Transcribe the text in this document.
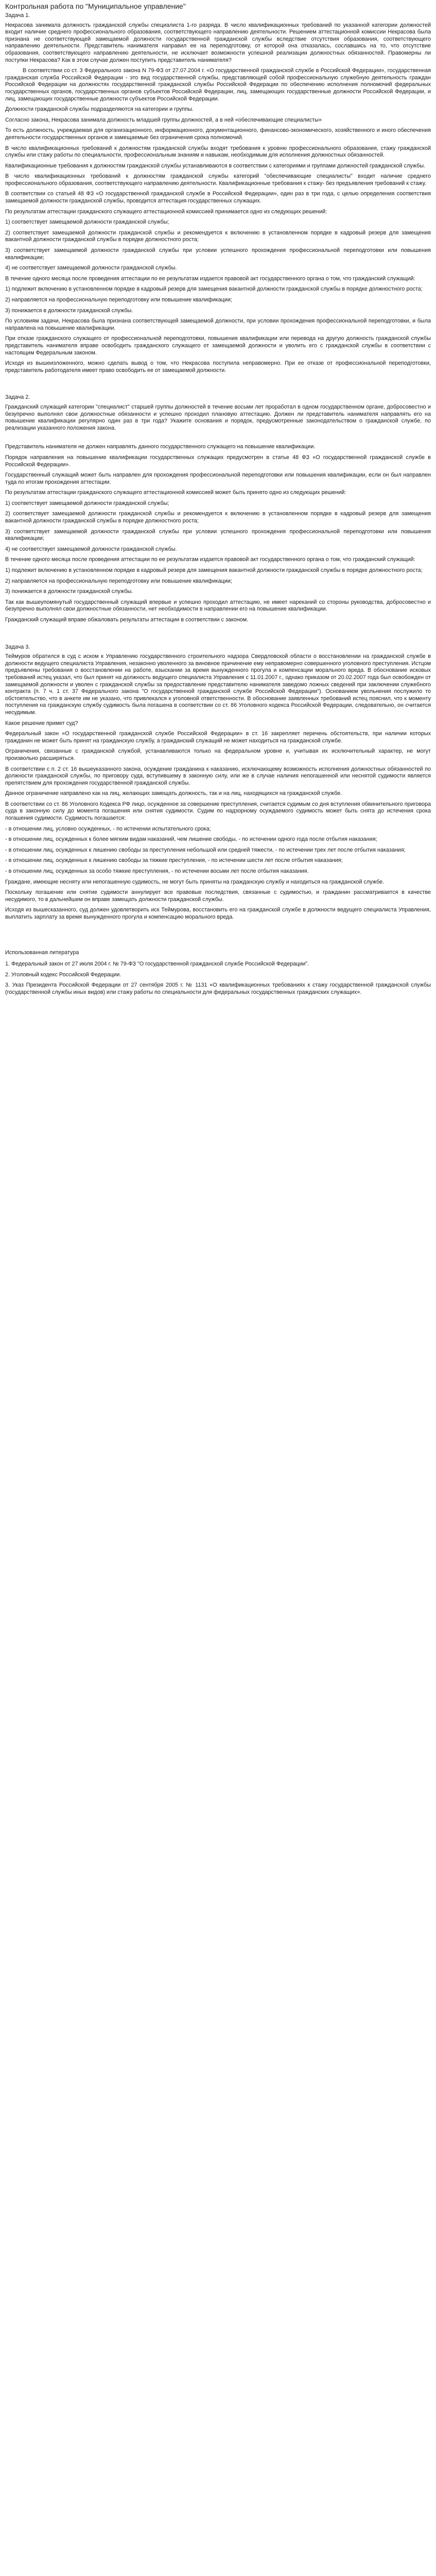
Контрольная работа по "Муниципальное управление"
Задача 1.

Некрасова занимала должность гражданской службы специалиста 1-го разряда. В число квалификационных требований по указанной категории должностей входит наличие среднего профессионального образования, соответствующего направлению деятельности. Решением аттестационной комиссии Некрасова была признана не соответствующей замещаемой должности государственной гражданской службы вследствие отсутствия образования, соответствующего направлению деятельности. Представитель нанимателя направил ее на переподготовку, от которой она отказалась, сославшись на то, что отсутствие образования, соответствующего направлению деятельности, не исключает возможности успешной реализации должностных обязанностей. Правомерны ли поступки Некрасова? Как в этом случае должен поступить представитель нанимателя?

В соответствии со ст. 3 Федерального закона N 79-ФЗ от 27.07.2004 г. «О государственной гражданской службе в Российской Федерации», государственная гражданская служба Российской Федерации - это вид государственной службы, представляющей собой профессиональную служебную деятельность граждан Российской Федерации на должностях государственной гражданской службы Российской Федерации по обеспечению исполнения полномочий федеральных государственных органов, государственных органов субъектов Российской Федерации, лиц, замещающих государственные должности Российской Федерации, и лиц, замещающих государственные должности субъектов Российской Федерации.

Должности гражданской службы подразделяются на категории и группы.

Согласно закона, Некрасова занимала должность младшей группы должностей, а в ней «обеспечивающие специалисты»

То есть должность, учреждаемая для организационного, информационного, документационного, финансово-экономического, хозяйственного и иного обеспечения деятельности государственных органов и замещаемые без ограничения срока полномочий.

В число квалификационных требований к должностям гражданской службы входят требования к уровню профессионального образования, стажу гражданской службы или стажу работы по специальности, профессиональным знаниям и навыкам, необходимым для исполнения должностных обязанностей.

Квалификационные требования к должностям гражданской службы устанавливаются в соответствии с категориями и группами должностей гражданской службы.

В число квалификационных требований к должностям гражданской службы категорий "обеспечивающие специалисты" входит наличие среднего профессионального образования, соответствующего направлению деятельности. Квалификационные требования к стажу- без предъявления требований к стажу.

В соответствии со статьей 48 ФЗ «О государственной гражданской службе в Российской Федерации», один раз в три года, с целью определения соответствия замещаемой должности гражданской службы, проводится аттестация государственных служащих.

По результатам аттестации гражданского служащего аттестационной комиссией принимается одно из следующих решений:

1) соответствует замещаемой должности гражданской службы;

2) соответствует замещаемой должности гражданской службы и рекомендуется к включению в установленном порядке в кадровый резерв для замещения вакантной должности гражданской службы в порядке должностного роста;

3) соответствует замещаемой должности гражданской службы при условии успешного прохождения профессиональной переподготовки или повышения квалификации;

4) не соответствует замещаемой должности гражданской службы.

В течение одного месяца после проведения аттестации по ее результатам издается правовой акт государственного органа о том, что гражданский служащий:

1) подлежит включению в установленном порядке в кадровый резерв для замещения вакантной должности гражданской службы в порядке должностного роста;

2) направляется на профессиональную переподготовку или повышение квалификации;

3) понижается в должности гражданской службы.

По условиям задачи, Некрасова была признана соответствующей замещаемой должности, при условии прохождения профессиональной переподготовки, и была направлена на повышение квалификации.

При отказе гражданского служащего от профессиональной переподготовки, повышения квалификации или перевода на другую должность гражданской службы представитель нанимателя вправе освободить гражданского служащего от замещаемой должности и уволить его с гражданской службы в соответствии с настоящим Федеральным законом.

Исходя из вышеизложенного, можно сделать вывод о том, что Некрасова поступила неправомерно. При ее отказе от профессиональной переподготовки, представитель работодателя имеет право освободить ее от замещаемой должности.

Задача 2.

Гражданский служащий категории "специалист" старшей группы должностей в течение восьми лет проработал в одном государственном органе, добросовестно и безупречно выполнял свои должностные обязанности и успешно проходил плановую аттестацию. Должен ли представитель нанимателя направлять его на повышение квалификации регулярно один раз в три года? Укажите основания и порядок, предусмотренные законодательством о гражданской службе, по реализации указанного положения закона.

Представитель нанимателя не должен направлять данного государственного служащего на повышение квалификации.

Порядок направления на повышение квалификации государственных служащих предусмотрен в статье 48 ФЗ «О государственной гражданской службе в Российской Федерации».

Государственный служащий может быть направлен для прохождения профессиональной переподготовки или повышения квалификации, если он был направлен туда по итогам прохождения аттестации.

По результатам аттестации гражданского служащего аттестационной комиссией может быть принято одно из следующих решений:

1) соответствует замещаемой должности гражданской службы;

2) соответствует замещаемой должности гражданской службы и рекомендуется к включению в установленном порядке в кадровый резерв для замещения вакантной должности гражданской службы в порядке должностного роста;

3) соответствует замещаемой должности гражданской службы при условии успешного прохождения профессиональной переподготовки или повышения квалификации;

4) не соответствует замещаемой должности гражданской службы.

В течение одного месяца после проведения аттестации по ее результатам издается правовой акт государственного органа о том, что гражданский служащий:

1) подлежит включению в установленном порядке в кадровый резерв для замещения вакантной должности гражданской службы в порядке должностного роста;

2) направляется на профессиональную переподготовку или повышение квалификации;

3) понижается в должности гражданской службы.

Так как вышеупомянутый государственный служащий впервые и успешно проходил аттестацию, не имеет нареканий со стороны руководства, добросовестно и безупречно выполнял свои должностные обязанности, нет необходимости в направлении его на повышение квалификации.

Гражданский служащий вправе обжаловать результаты аттестации в соответствии с законом.

Задача 3.

Теймуров обратился в суд с иском к Управлению государственного строительного надзора Свердловской области о восстановлении на гражданской службе в должности ведущего специалиста Управления, незаконно уволенного за виновное причинение ему неправомерно совершенного уголовного преступления. Истцом предъявлены требования о восстановлении на работе, взыскании за время вынужденного прогула и компенсации морального вреда. В обоснование исковых требований истец указал, что был принят на должность ведущего специалиста Управления с 11.01.2007 г., однако приказом от 20.02.2007 года был освобожден от замещаемой должности и уволен с гражданской службы за предоставление представителю нанимателя заведомо ложных сведений при заключении служебного контракта (п. 7 ч. 1 ст. 37 Федерального закона "О государственной гражданской службе Российской Федерации"). Основанием увольнения послужило то обстоятельство, что в анкете им не указано, что привлекался к уголовной ответственности. В обоснование заявленных требований истец пояснил, что к моменту поступления на гражданскую службу судимость была погашена в соответствии со ст. 86 Уголовного кодекса Российской Федерации, следовательно, он считается несудимым.

Какое решение примет суд?

Федеральный закон «О государственной гражданской службе Российской Федерации» в ст. 16 закрепляет перечень обстоятельств, при наличии которых гражданин не может быть принят на гражданскую службу, а гражданский служащий не может находиться на гражданской службе.

Ограничения, связанные с гражданской службой, устанавливаются только на федеральном уровне и, учитывая их исключительный характер, не могут произвольно расширяться.

В соответствии с п. 2 ст. 16 вышеуказанного закона, осуждение гражданина к наказанию, исключающему возможность исполнения должностных обязанностей по должности гражданской службы, по приговору суда, вступившему в законную силу, или же в случае наличия непогашенной или неснятой судимости является препятствием для прохождения государственной гражданской службы.

Данное ограничение направлено как на лиц, желающих замещать должность, так и на лиц, находящихся на гражданской службе.

В соответствии со ст. 86 Уголовного Кодекса РФ лицо, осужденное за совершение преступления, считается судимым со дня вступления обвинительного приговора суда в законную силу до момента погашения или снятия судимости. Судим по надзорному осуждаемого судимость может быть снята до истечения срока погашения судимости. Судимость погашается:

- в отношении лиц, условно осужденных, - по истечении испытательного срока;

- в отношении лиц, осужденных к более мягким видам наказаний, чем лишение свободы, - по истечении одного года после отбытия наказания;

- в отношении лиц, осужденных к лишению свободы за преступления небольшой или средней тяжести, - по истечении трех лет после отбытия наказания;

- в отношении лиц, осужденных к лишению свободы за тяжкие преступления, - по истечении шести лет после отбытия наказания;

- в отношении лиц, осужденных за особо тяжкие преступления, - по истечении восьми лет после отбытия наказания.

Граждане, имеющие несняту или непогашенную судимость, не могут быть приняты на гражданскую службу и находиться на гражданской службе.

Поскольку погашение или снятие судимости аннулирует все правовые последствия, связанные с судимостью, и гражданин рассматривается в качестве несудимого, то в дальнейшем он вправе замещать должности гражданской службы.

Исходя из вышесказанного, суд должен удовлетворить иск Теймурова, восстановить его на гражданской службе в должности ведущего специалиста Управления, выплатить зарплату за время вынужденного прогула и компенсацию морального вреда.

Использованная литература

1. Федеральный закон от 27 июля 2004 г. № 79-ФЗ "О государственной гражданской службе Российской Федерации".

2. Уголовный кодекс Российской Федерации.

3. Указ Президента Российской Федерации от 27 сентября 2005 г. № 1131 «О квалификационных требованиях к стажу государственной гражданской службы (государственной службы иных видов) или стажу работы по специальности для федеральных государственных гражданских служащих».
